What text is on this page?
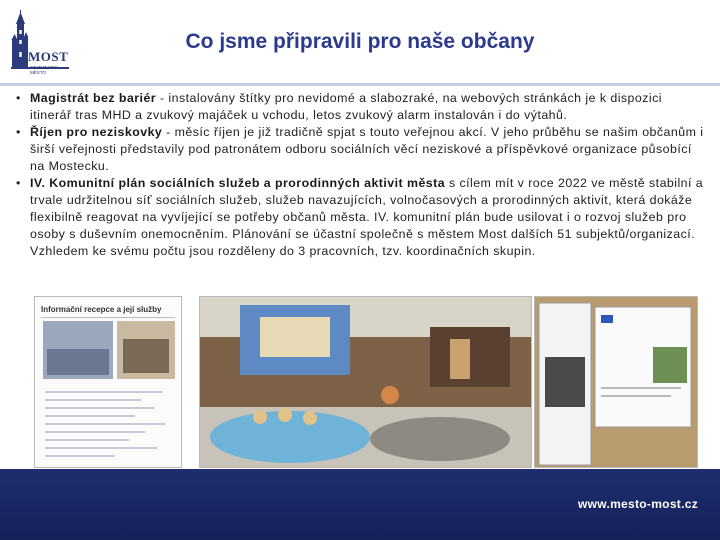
MOST
STATUTÁRNÍ MĚSTO
Co jsme připravili pro naše občany
• Magistrát bez bariér - instalovány štítky pro nevidomé a slabozraké, na webových stránkách je k dispozici itinerář tras MHD a zvukový majáček u vchodu, letos zvukový alarm instalován i do výtahů.
• Říjen pro neziskovky - měsíc říjen je již tradičně spjat s touto veřejnou akcí. V jeho průběhu se našim občanům i širší veřejnosti představily pod patronátem odboru sociálních věcí neziskové a příspěvkové organizace působící na Mostecku.
• IV. Komunitní plán sociálních služeb a prorodinných aktivit města s cílem mít v roce 2022 ve městě stabilní a trvale udržitelnou síť sociálních služeb, služeb navazujících, volnočasových a prorodinných aktivit, která dokáže flexibilně reagovat na vyvíjející se potřeby občanů města. IV. komunitní plán bude usilovat i o rozvoj služeb pro osoby s duševním onemocněním. Plánování se účastní společně s městem Most dalších 51 subjektů/organizací. Vzhledem ke svému počtu jsou rozděleny do 3 pracovních, tzv. koordinačních skupin.
Informační recepce a její služby
www.mesto-most.cz
